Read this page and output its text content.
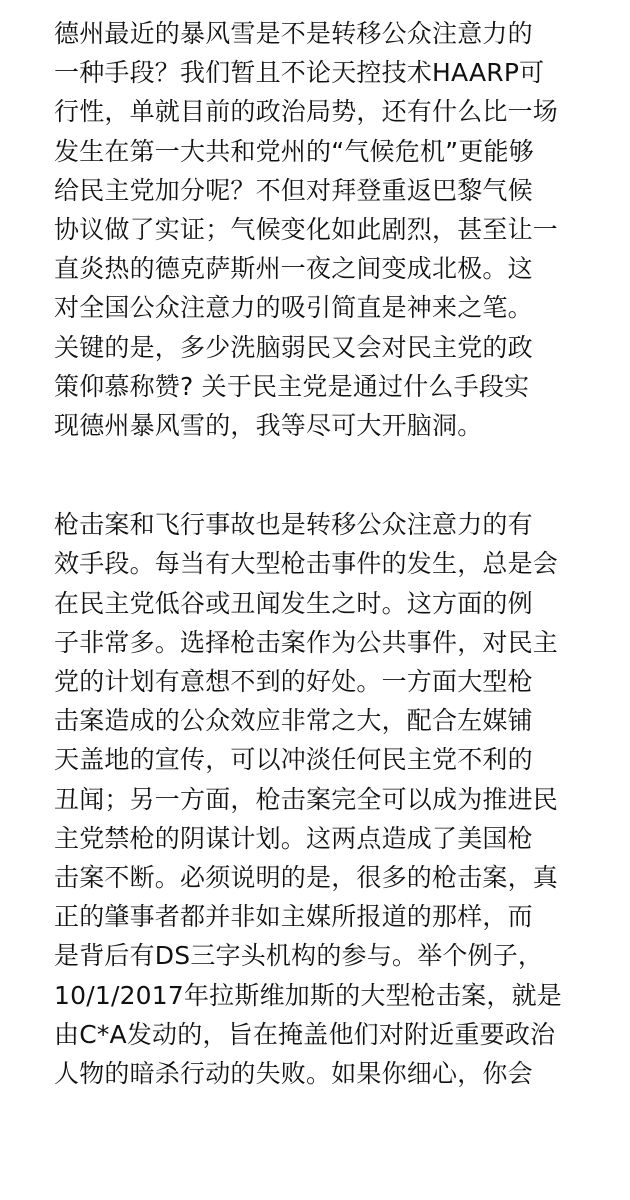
德州最近的暴风雪是不是转移公众注意力的
一种手段？我们暂且不论天控技术HAARP可
行性，单就目前的政治局势，还有什么比一场
发生在第一大共和党州的“气候危机”更能够
给民主党加分呢？不但对拜登重返巴黎气候
协议做了实证；气候变化如此剧烈，甚至让一
直炎热的德克萨斯州一夜之间变成北极。这
对全国公众注意力的吸引简直是神来之笔。
关键的是，多少洗脑弱民又会对民主党的政
策仰慕称赞? 关于民主党是通过什么手段实
现德州暴风雪的，我等尽可大开脑洞。
枪击案和飞行事故也是转移公众注意力的有
效手段。每当有大型枪击事件的发生，总是会
在民主党低谷或丑闻发生之时。这方面的例
子非常多。选择枪击案作为公共事件，对民主
党的计划有意想不到的好处。一方面大型枪
击案造成的公众效应非常之大，配合左媒铺
天盖地的宣传，可以冲淡任何民主党不利的
丑闻；另一方面，枪击案完全可以成为推进民
主党禁枪的阴谋计划。这两点造成了美国枪
击案不断。必须说明的是，很多的枪击案，真
正的肇事者都并非如主媒所报道的那样，而
是背后有DS三字头机构的参与。举个例子，
10/1/2017年拉斯维加斯的大型枪击案，就是
由C*A发动的，旨在掩盖他们对附近重要政治
人物的暗杀行动的失败。如果你细心，你会
